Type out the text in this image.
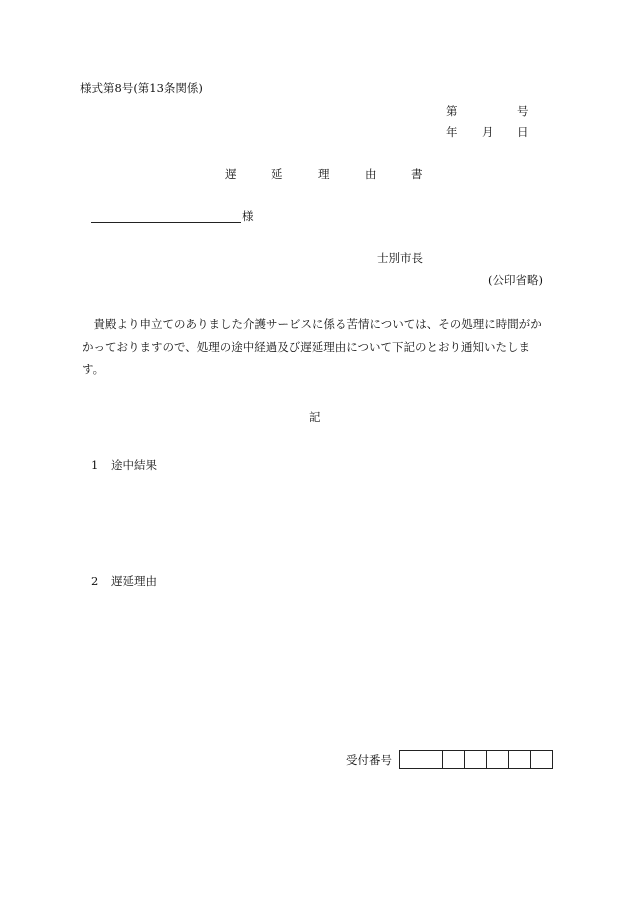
様式第8号(第13条関係)
第	号
年 月 日
遅	延	理	由	書
様
士別市長
(公印省略)
貴殿より申立てのありました介護サービスに係る苦情については、その処理に時間がかかっておりますので、処理の途中経過及び遅延理由について下記のとおり通知いたします。
記
1 途中結果
2 遅延理由
受付番号
